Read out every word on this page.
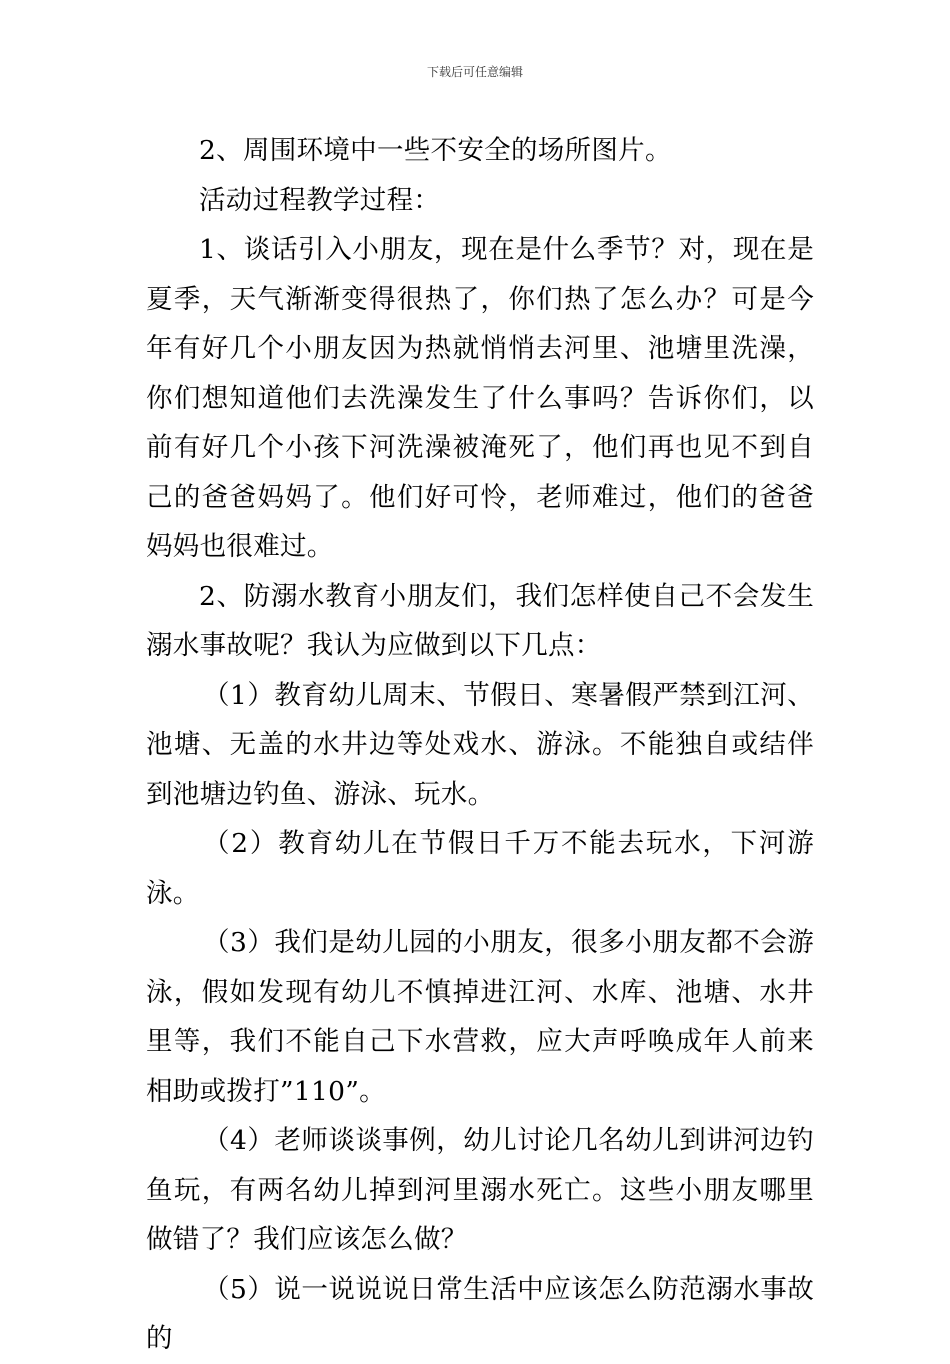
下载后可任意编辑

2、周围环境中一些不安全的场所图片。

活动过程教学过程：

1、谈话引入小朋友，现在是什么季节？对，现在是夏季，天气渐渐变得很热了，你们热了怎么办？可是今年有好几个小朋友因为热就悄悄去河里、池塘里洗澡，你们想知道他们去洗澡发生了什么事吗？告诉你们，以前有好几个小孩下河洗澡被淹死了，他们再也见不到自己的爸爸妈妈了。他们好可怜，老师难过，他们的爸爸妈妈也很难过。

2、防溺水教育小朋友们，我们怎样使自己不会发生溺水事故呢？我认为应做到以下几点：

（1）教育幼儿周末、节假日、寒暑假严禁到江河、池塘、无盖的水井边等处戏水、游泳。不能独自或结伴到池塘边钓鱼、游泳、玩水。

（2）教育幼儿在节假日千万不能去玩水，下河游泳。

（3）我们是幼儿园的小朋友，很多小朋友都不会游泳，假如发现有幼儿不慎掉进江河、水库、池塘、水井里等，我们不能自己下水营救，应大声呼唤成年人前来相助或拨打”110”。

（4）老师谈谈事例，幼儿讨论几名幼儿到讲河边钓鱼玩，有两名幼儿掉到河里溺水死亡。这些小朋友哪里做错了？我们应该怎么做？

（5）说一说说说日常生活中应该怎么防范溺水事故的
